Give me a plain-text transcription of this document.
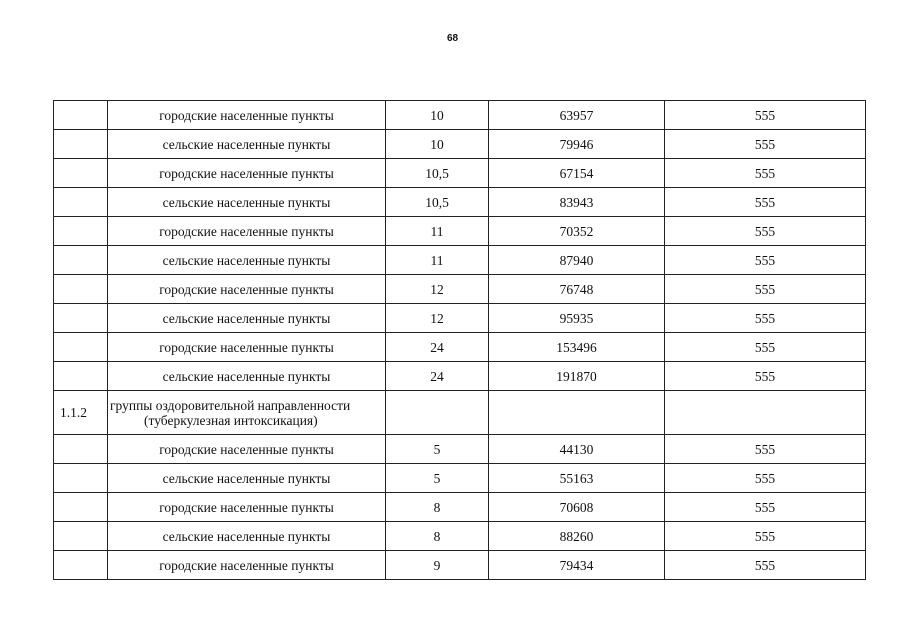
68
	городские населенные пункты	10	63957	555
	сельские населенные пункты	10	79946	555
	городские населенные пункты	10,5	67154	555
	сельские населенные пункты	10,5	83943	555
	городские населенные пункты	11	70352	555
	сельские населенные пункты	11	87940	555
	городские населенные пункты	12	76748	555
	сельские населенные пункты	12	95935	555
	городские населенные пункты	24	153496	555
	сельские населенные пункты	24	191870	555
1.1.2	группы оздоровительной направленности
(туберкулезная интоксикация)			

	городские населенные пункты	5	44130	555
	сельские населенные пункты	5	55163	555
	городские населенные пункты	8	70608	555
	сельские населенные пункты	8	88260	555
	городские населенные пункты	9	79434	555
